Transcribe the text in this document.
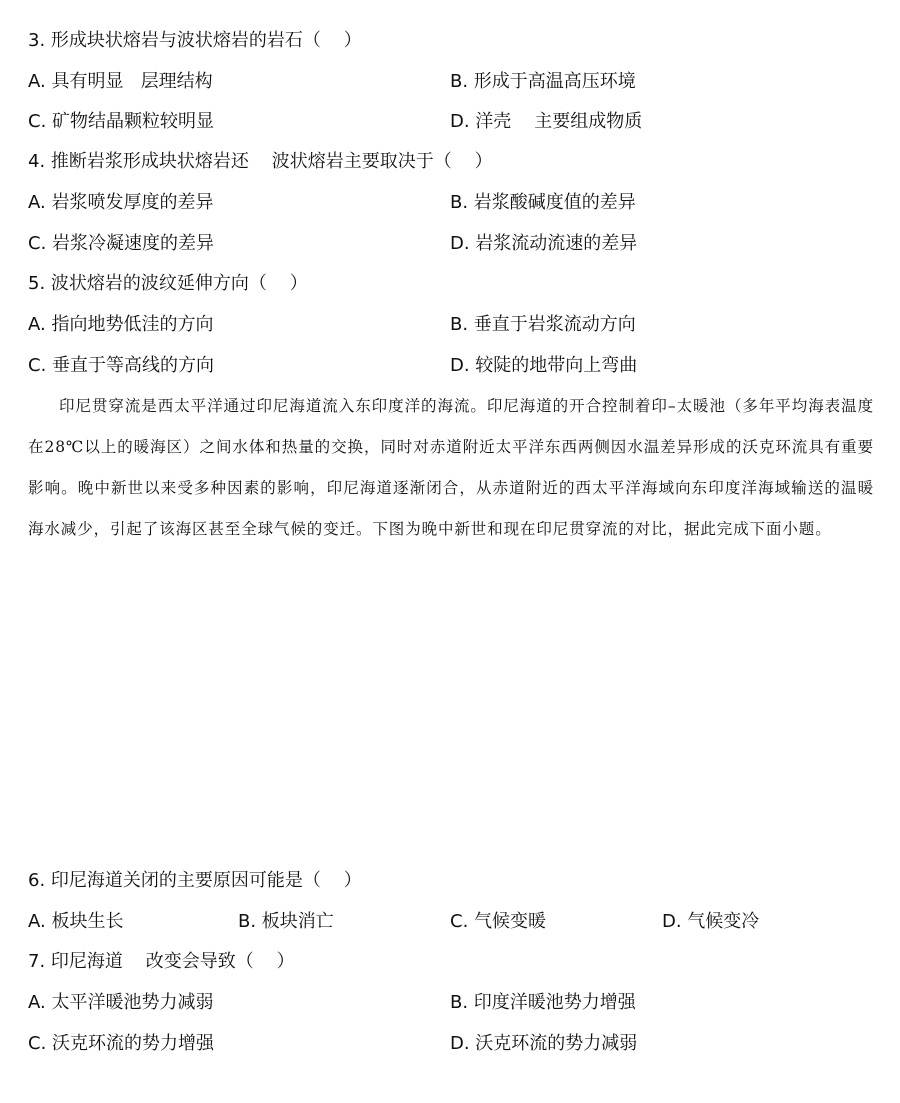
3. 形成块状熔岩与波状熔岩的岩石（    ）
A. 具有明显   层理结构	B. 形成于高温高压环境
C. 矿物结晶颗粒较明显	D. 洋壳    主要组成物质
4. 推断岩浆形成块状熔岩还    波状熔岩主要取决于（    ）
A. 岩浆喷发厚度的差异	B. 岩浆酸碱度值的差异
C. 岩浆冷凝速度的差异	D. 岩浆流动流速的差异
5. 波状熔岩的波纹延伸方向（    ）
A. 指向地势低洼的方向	B. 垂直于岩浆流动方向
C. 垂直于等高线的方向	D. 较陡的地带向上弯曲

印尼贯穿流是西太平洋通过印尼海道流入东印度洋的海流。印尼海道的开合控制着印–太暖池（多年平均海表温度在28℃以上的暖海区）之间水体和热量的交换，同时对赤道附近太平洋东西两侧因水温差异形成的沃克环流具有重要影响。晚中新世以来受多种因素的影响，印尼海道逐渐闭合，从赤道附近的西太平洋海域向东印度洋海域输送的温暖海水减少，引起了该海区甚至全球气候的变迁。下图为晚中新世和现在印尼贯穿流的对比，据此完成下面小题。

6. 印尼海道关闭的主要原因可能是（    ）
A. 板块生长	B. 板块消亡	C. 气候变暖	D. 气候变冷
7. 印尼海道    改变会导致（    ）
A. 太平洋暖池势力减弱	B. 印度洋暖池势力增强
C. 沃克环流的势力增强	D. 沃克环流的势力减弱
